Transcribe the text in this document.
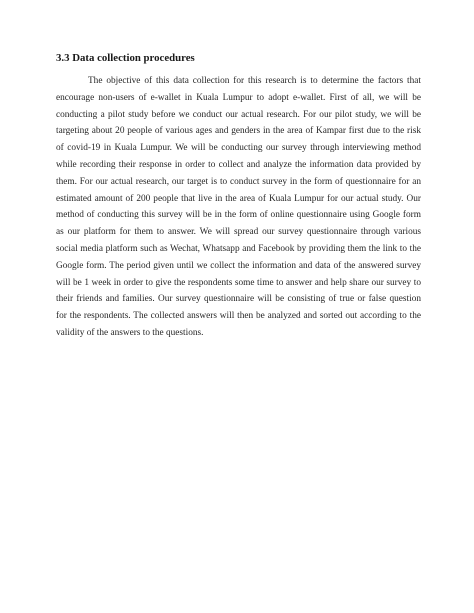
3.3 Data collection procedures

The objective of this data collection for this research is to determine the factors that
encourage non-users of e-wallet in Kuala Lumpur to adopt e-wallet. First of all, we will be
conducting a pilot study before we conduct our actual research. For our pilot study, we will be
targeting about 20 people of various ages and genders in the area of Kampar first due to the risk
of covid-19 in Kuala Lumpur. We will be conducting our survey through interviewing method
while recording their response in order to collect and analyze the information data provided by
them. For our actual research, our target is to conduct survey in the form of questionnaire for an
estimated amount of 200 people that live in the area of Kuala Lumpur for our actual study. Our
method of conducting this survey will be in the form of online questionnaire using Google form
as our platform for them to answer. We will spread our survey questionnaire through various
social media platform such as Wechat, Whatsapp and Facebook by providing them the link to the
Google form. The period given until we collect the information and data of the answered survey
will be 1 week in order to give the respondents some time to answer and help share our survey to
their friends and families. Our survey questionnaire will be consisting of true or false question
for the respondents. The collected answers will then be analyzed and sorted out according to the
validity of the answers to the questions.
